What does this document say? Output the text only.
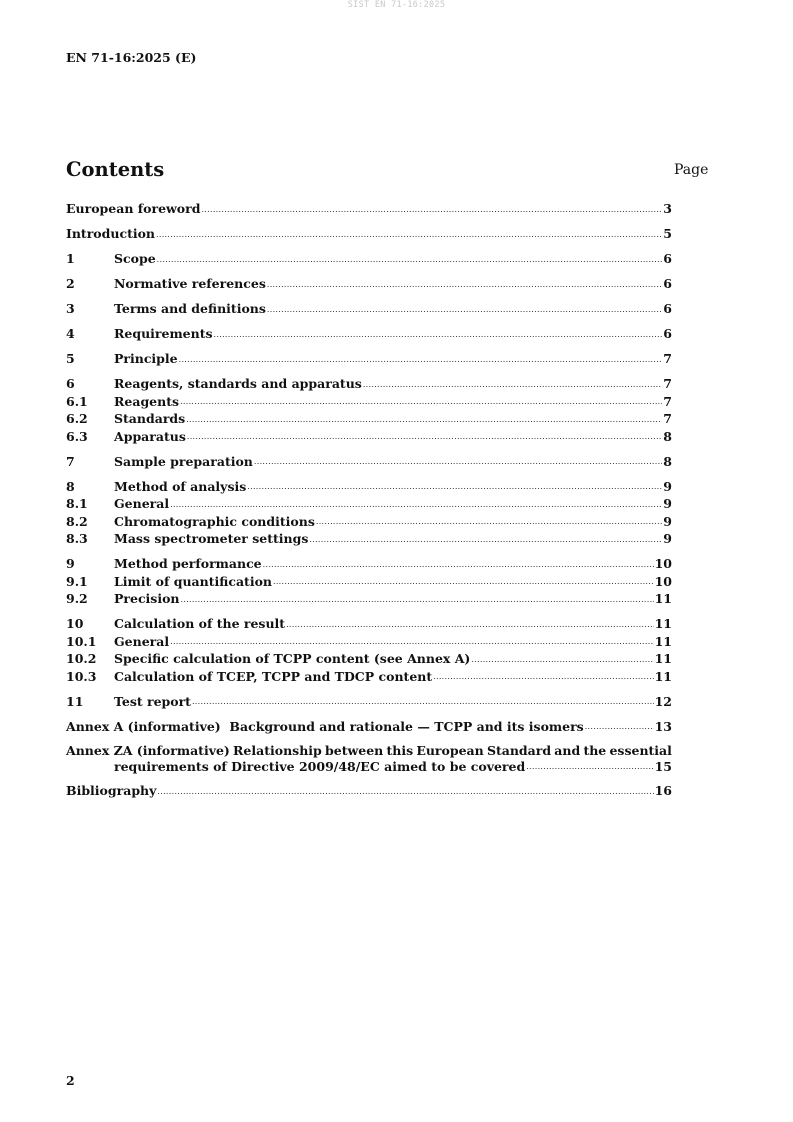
SIST EN 71-16:2025
EN 71-16:2025 (E)
Contents	Page
European foreword .....	3
Introduction .....	5
1	Scope .....	6
2	Normative references .....	6
3	Terms and definitions .....	6
4	Requirements .....	6
5	Principle .....	7
6	Reagents, standards and apparatus .....	7
6.1	Reagents .....	7
6.2	Standards .....	7
6.3	Apparatus .....	8
7	Sample preparation .....	8
8	Method of analysis .....	9
8.1	General .....	9
8.2	Chromatographic conditions .....	9
8.3	Mass spectrometer settings .....	9
9	Method performance .....	10
9.1	Limit of quantification .....	10
9.2	Precision .....	11
10	Calculation of the result .....	11
10.1	General .....	11
10.2	Specific calculation of TCPP content (see Annex A) .....	11
10.3	Calculation of TCEP, TCPP and TDCP content .....	11
11	Test report .....	12
Annex A (informative)  Background and rationale — TCPP and its isomers .....	13
Annex ZA (informative) Relationship between this European Standard and the essential
requirements of Directive 2009/48/EC aimed to be covered .....	15
Bibliography .....	16
2
